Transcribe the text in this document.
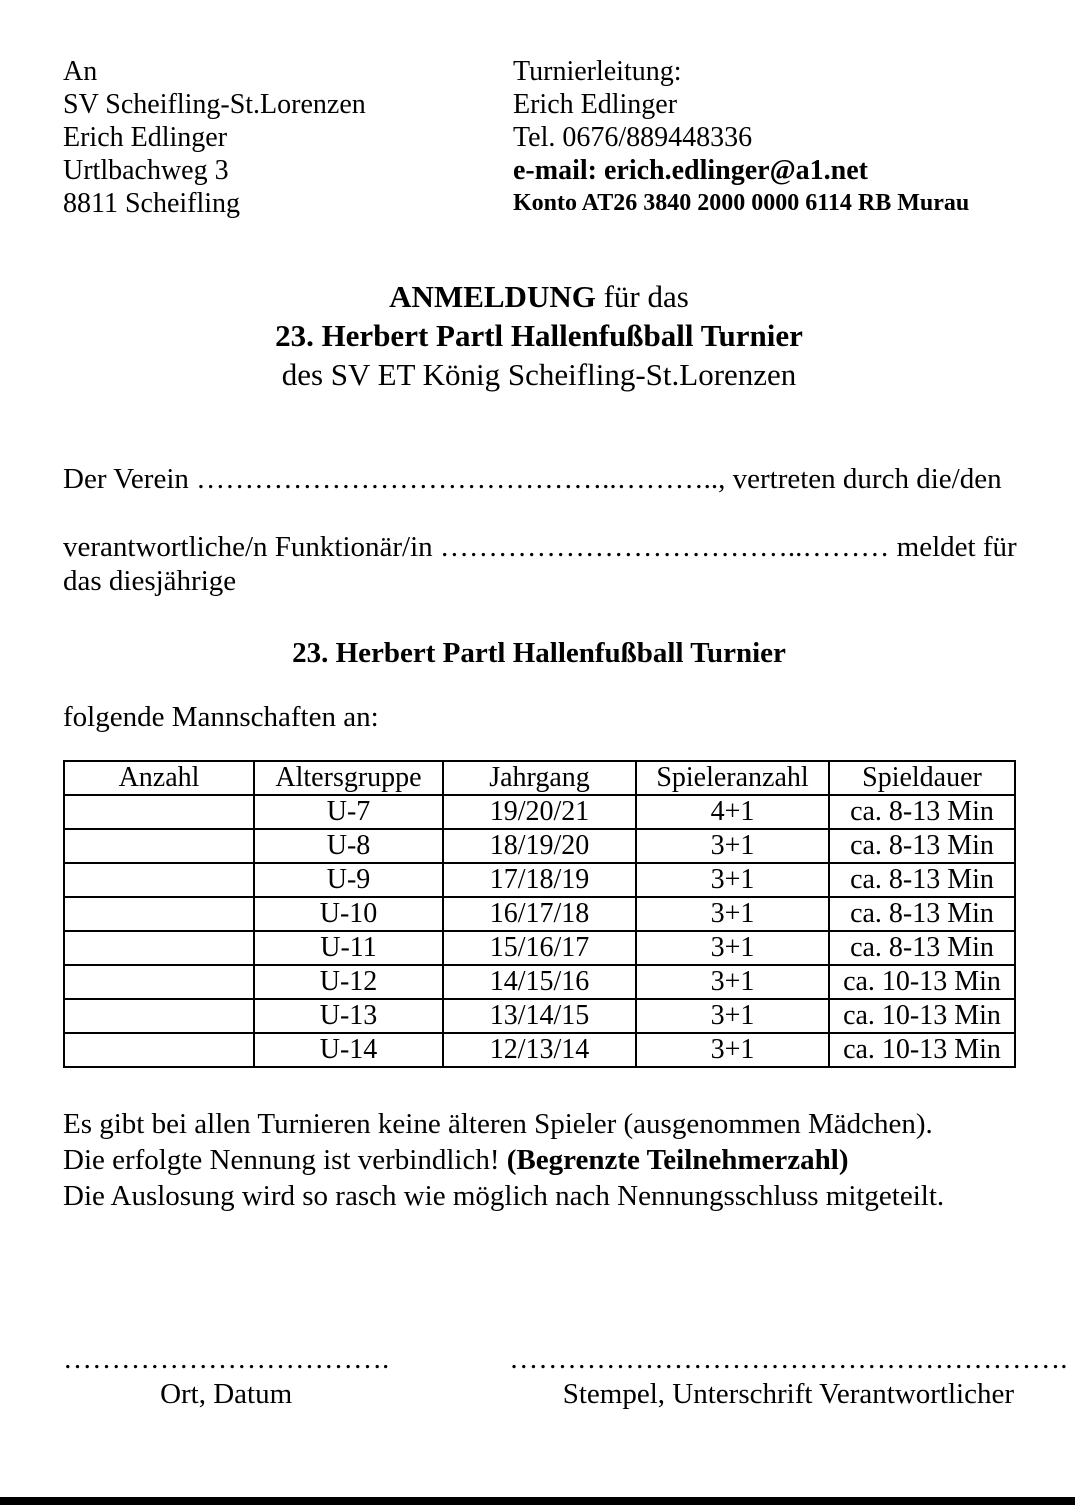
An
SV Scheifling-St.Lorenzen
Erich Edlinger
Urtlbachweg 3
8811 Scheifling
Turnierleitung:
Erich Edlinger
Tel. 0676/889448336
e-mail: erich.edlinger@a1.net
Konto AT26 3840 2000 0000 6114 RB Murau
ANMELDUNG für das
23. Herbert Partl Hallenfußball Turnier
des SV ET König Scheifling-St.Lorenzen
Der Verein ……………………………………..……….., vertreten durch die/den
verantwortliche/n Funktionär/in ………………………………..……… meldet für
das diesjährige
23. Herbert Partl Hallenfußball Turnier
folgende Mannschaften an:
Anzahl	Altersgruppe	Jahrgang	Spieleranzahl	Spieldauer
	U-7	19/20/21	4+1	ca. 8-13 Min
	U-8	18/19/20	3+1	ca. 8-13 Min
	U-9	17/18/19	3+1	ca. 8-13 Min
	U-10	16/17/18	3+1	ca. 8-13 Min
	U-11	15/16/17	3+1	ca. 8-13 Min
	U-12	14/15/16	3+1	ca. 10-13 Min
	U-13	13/14/15	3+1	ca. 10-13 Min
	U-14	12/13/14	3+1	ca. 10-13 Min
Es gibt bei allen Turnieren keine älteren Spieler (ausgenommen Mädchen).
Die erfolgte Nennung ist verbindlich! (Begrenzte Teilnehmerzahl)
Die Auslosung wird so rasch wie möglich nach Nennungsschluss mitgeteilt.
…………………………….
Ort, Datum
………………………………………………….
Stempel, Unterschrift Verantwortlicher
